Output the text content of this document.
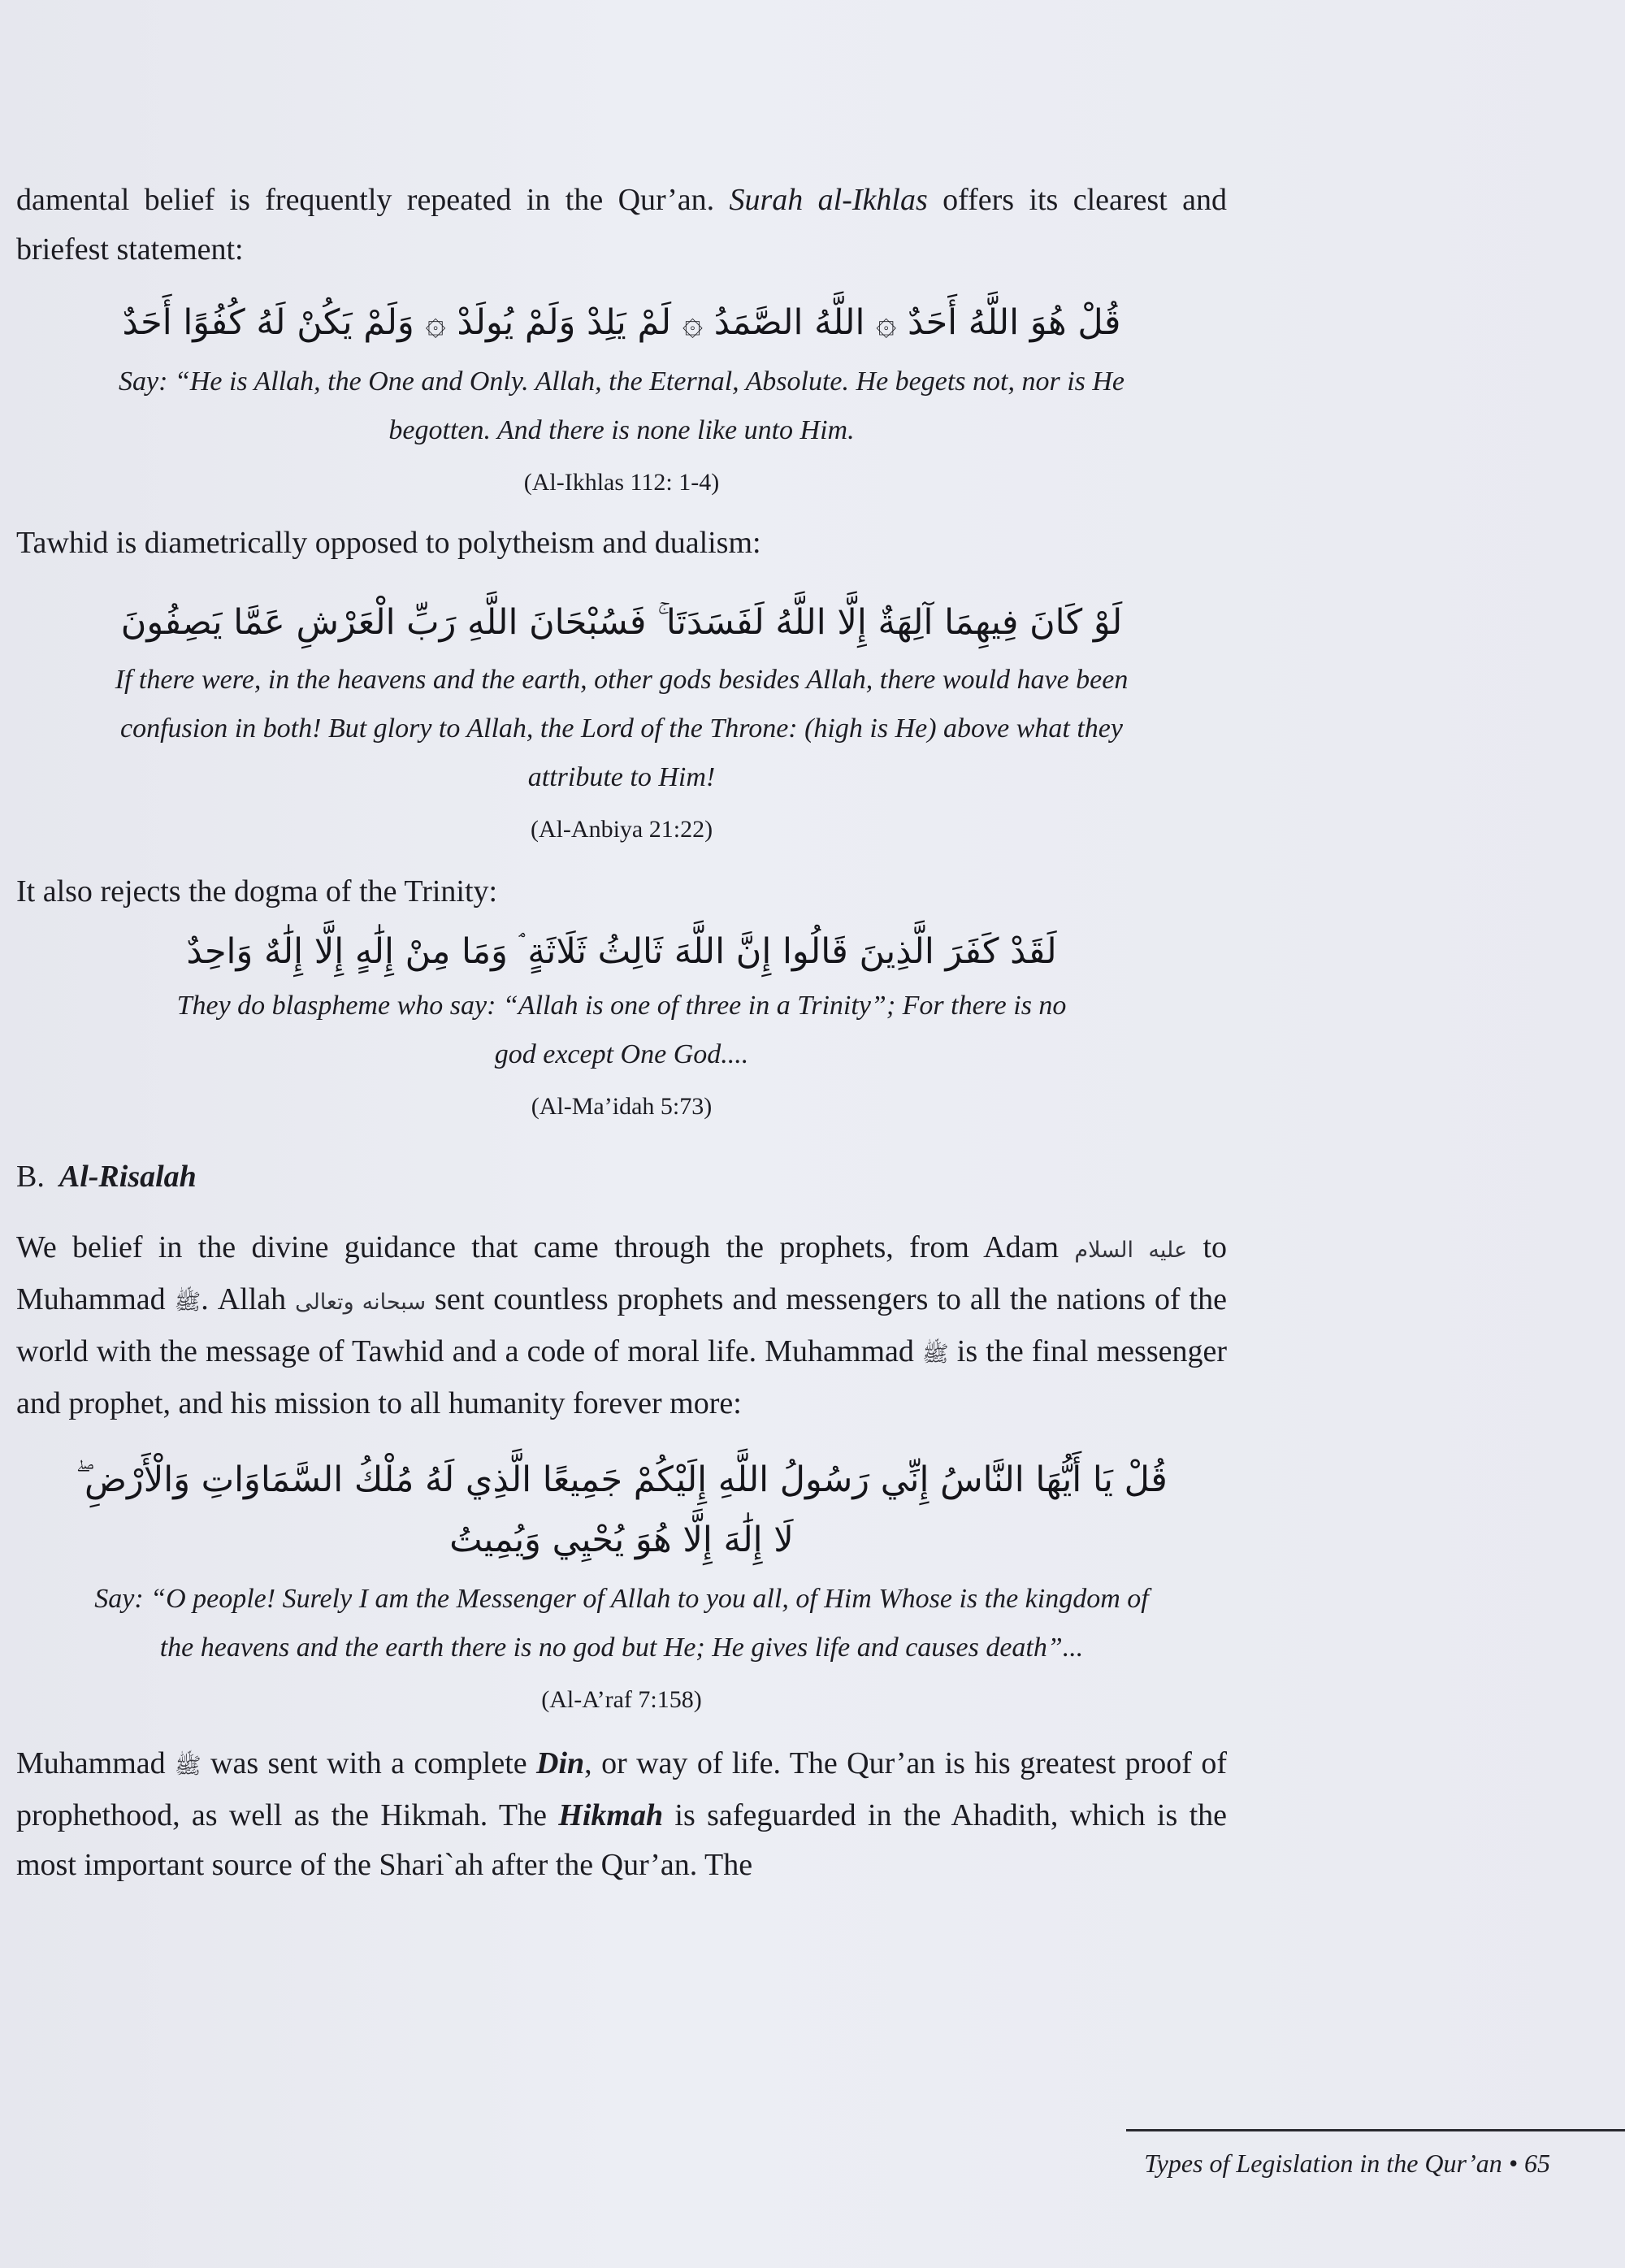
damental belief is frequently repeated in the Qur’an. Surah al-Ikhlas offers its clearest and briefest statement:

قُلْ هُوَ اللَّهُ أَحَدٌ ۞ اللَّهُ الصَّمَدُ ۞ لَمْ يَلِدْ وَلَمْ يُولَدْ ۞ وَلَمْ يَكُنْ لَهُ كُفُوًا أَحَدٌ

Say: “He is Allah, the One and Only. Allah, the Eternal, Absolute. He begets not, nor is He begotten. And there is none like unto Him.

(Al-Ikhlas 112: 1-4)

Tawhid is diametrically opposed to polytheism and dualism:

لَوْ كَانَ فِيهِمَا آلِهَةٌ إِلَّا اللَّهُ لَفَسَدَتَا ۚ فَسُبْحَانَ اللَّهِ رَبِّ الْعَرْشِ عَمَّا يَصِفُونَ

If there were, in the heavens and the earth, other gods besides Allah, there would have been confusion in both! But glory to Allah, the Lord of the Throne: (high is He) above what they attribute to Him!

(Al-Anbiya 21:22)

It also rejects the dogma of the Trinity:

لَقَدْ كَفَرَ الَّذِينَ قَالُوا إِنَّ اللَّهَ ثَالِثُ ثَلَاثَةٍ ۘ وَمَا مِنْ إِلَٰهٍ إِلَّا إِلَٰهٌ وَاحِدٌ

They do blaspheme who say: “Allah is one of three in a Trinity”; For there is no god except One God....

(Al-Ma’idah 5:73)

B. Al-Risalah

We belief in the divine guidance that came through the prophets, from Adam عليه السلام to Muhammad ﷺ. Allah سبحانه وتعالى sent countless prophets and messengers to all the nations of the world with the message of Tawhid and a code of moral life. Muhammad ﷺ is the final messenger and prophet, and his mission to all humanity forever more:

قُلْ يَا أَيُّهَا النَّاسُ إِنِّي رَسُولُ اللَّهِ إِلَيْكُمْ جَمِيعًا الَّذِي لَهُ مُلْكُ السَّمَاوَاتِ وَالْأَرْضِ ۖ

لَا إِلَٰهَ إِلَّا هُوَ يُحْيِي وَيُمِيتُ

Say: “O people! Surely I am the Messenger of Allah to you all, of Him Whose is the kingdom of the heavens and the earth there is no god but He; He gives life and causes death”...

(Al-A’raf 7:158)

Muhammad ﷺ was sent with a complete Din, or way of life. The Qur’an is his greatest proof of prophethood, as well as the Hikmah. The Hikmah is safeguarded in the Ahadith, which is the most important source of the Shari`ah after the Qur’an. The

Types of Legislation in the Qur’an • 65
